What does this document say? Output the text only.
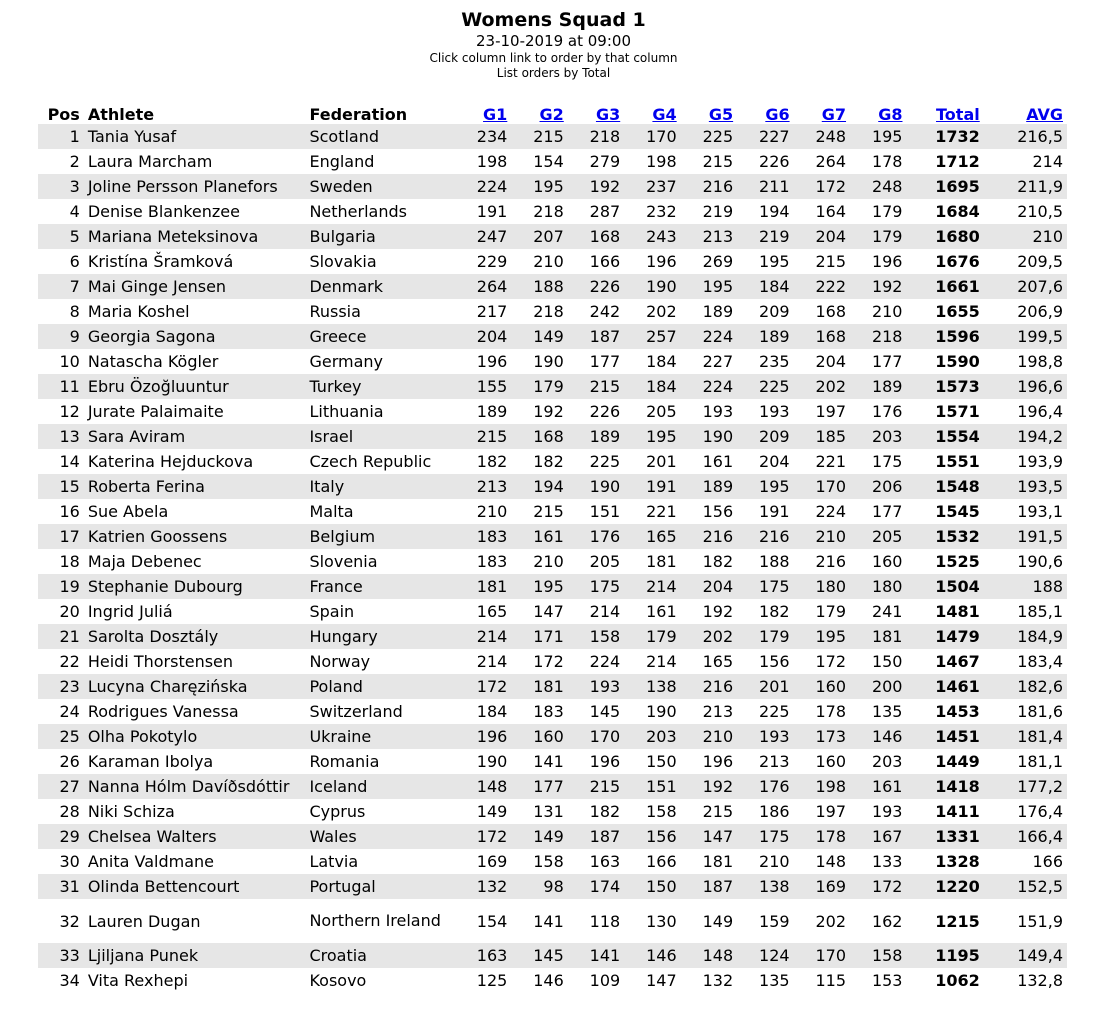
Womens Squad 1
23-10-2019 at 09:00
Click column link to order by that column
List orders by Total
Pos	Athlete	Federation	G1	G2	G3	G4	G5	G6	G7	G8	Total	AVG
1	Tania Yusaf	Scotland	234	215	218	170	225	227	248	195	1732	216,5
2	Laura Marcham	England	198	154	279	198	215	226	264	178	1712	214
3	Joline Persson Planefors	Sweden	224	195	192	237	216	211	172	248	1695	211,9
4	Denise Blankenzee	Netherlands	191	218	287	232	219	194	164	179	1684	210,5
5	Mariana Meteksinova	Bulgaria	247	207	168	243	213	219	204	179	1680	210
6	Kristína Šramková	Slovakia	229	210	166	196	269	195	215	196	1676	209,5
7	Mai Ginge Jensen	Denmark	264	188	226	190	195	184	222	192	1661	207,6
8	Maria Koshel	Russia	217	218	242	202	189	209	168	210	1655	206,9
9	Georgia Sagona	Greece	204	149	187	257	224	189	168	218	1596	199,5
10	Natascha Kögler	Germany	196	190	177	184	227	235	204	177	1590	198,8
11	Ebru Özoğluuntur	Turkey	155	179	215	184	224	225	202	189	1573	196,6
12	Jurate Palaimaite	Lithuania	189	192	226	205	193	193	197	176	1571	196,4
13	Sara Aviram	Israel	215	168	189	195	190	209	185	203	1554	194,2
14	Katerina Hejduckova	Czech Republic	182	182	225	201	161	204	221	175	1551	193,9
15	Roberta Ferina	Italy	213	194	190	191	189	195	170	206	1548	193,5
16	Sue Abela	Malta	210	215	151	221	156	191	224	177	1545	193,1
17	Katrien Goossens	Belgium	183	161	176	165	216	216	210	205	1532	191,5
18	Maja Debenec	Slovenia	183	210	205	181	182	188	216	160	1525	190,6
19	Stephanie Dubourg	France	181	195	175	214	204	175	180	180	1504	188
20	Ingrid Juliá	Spain	165	147	214	161	192	182	179	241	1481	185,1
21	Sarolta Dosztály	Hungary	214	171	158	179	202	179	195	181	1479	184,9
22	Heidi Thorstensen	Norway	214	172	224	214	165	156	172	150	1467	183,4
23	Lucyna Charęzińska	Poland	172	181	193	138	216	201	160	200	1461	182,6
24	Rodrigues Vanessa	Switzerland	184	183	145	190	213	225	178	135	1453	181,6
25	Olha Pokotylo	Ukraine	196	160	170	203	210	193	173	146	1451	181,4
26	Karaman Ibolya	Romania	190	141	196	150	196	213	160	203	1449	181,1
27	Nanna Hólm Davíðsdóttir	Iceland	148	177	215	151	192	176	198	161	1418	177,2
28	Niki Schiza	Cyprus	149	131	182	158	215	186	197	193	1411	176,4
29	Chelsea Walters	Wales	172	149	187	156	147	175	178	167	1331	166,4
30	Anita Valdmane	Latvia	169	158	163	166	181	210	148	133	1328	166
31	Olinda Bettencourt	Portugal	132	98	174	150	187	138	169	172	1220	152,5
32	Lauren Dugan	Northern Ireland	154	141	118	130	149	159	202	162	1215	151,9
33	Ljiljana Punek	Croatia	163	145	141	146	148	124	170	158	1195	149,4
34	Vita Rexhepi	Kosovo	125	146	109	147	132	135	115	153	1062	132,8
